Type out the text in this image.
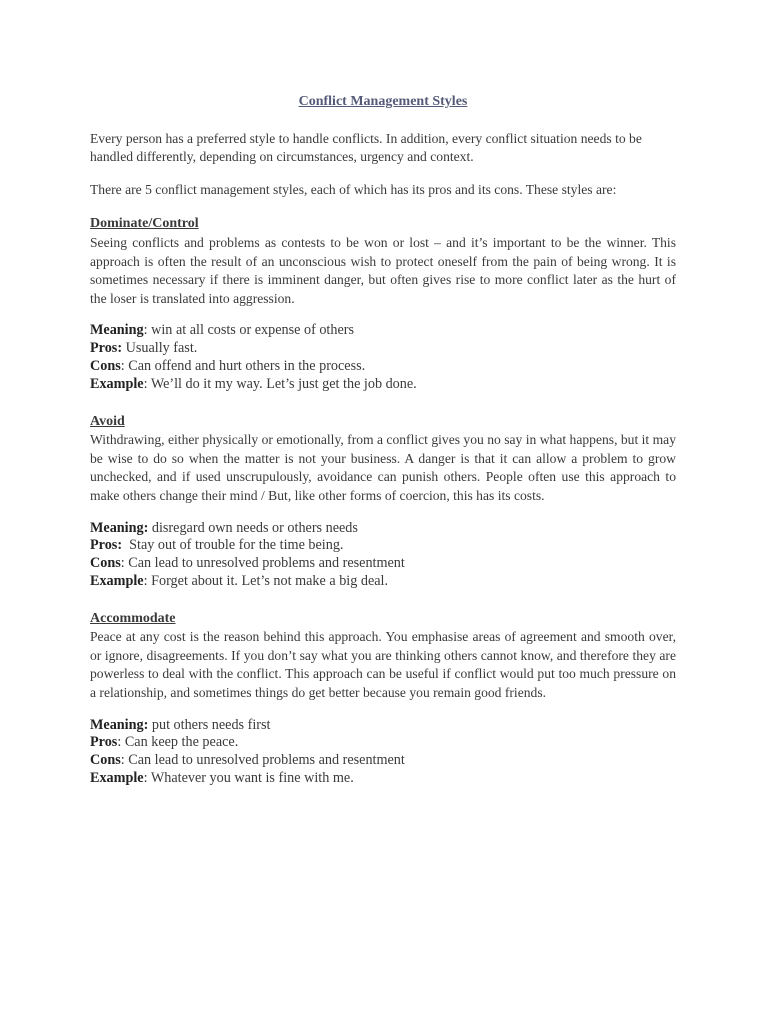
Conflict Management Styles

Every person has a preferred style to handle conflicts. In addition, every conflict situation needs to be handled differently, depending on circumstances, urgency and context.

There are 5 conflict management styles, each of which has its pros and its cons. These styles are:

Dominate/Control

Seeing conflicts and problems as contests to be won or lost – and it’s important to be the winner. This approach is often the result of an unconscious wish to protect oneself from the pain of being wrong. It is sometimes necessary if there is imminent danger, but often gives rise to more conflict later as the hurt of the loser is translated into aggression.

Meaning: win at all costs or expense of others
Pros: Usually fast.
Cons: Can offend and hurt others in the process.
Example: We’ll do it my way. Let’s just get the job done.
Avoid

Withdrawing, either physically or emotionally, from a conflict gives you no say in what happens, but it may be wise to do so when the matter is not your business. A danger is that it can allow a problem to grow unchecked, and if used unscrupulously, avoidance can punish others. People often use this approach to make others change their mind / But, like other forms of coercion, this has its costs.

Meaning: disregard own needs or others needs
Pros: Stay out of trouble for the time being.
Cons: Can lead to unresolved problems and resentment
Example: Forget about it. Let’s not make a big deal.
Accommodate

Peace at any cost is the reason behind this approach. You emphasise areas of agreement and smooth over, or ignore, disagreements. If you don’t say what you are thinking others cannot know, and therefore they are powerless to deal with the conflict. This approach can be useful if conflict would put too much pressure on a relationship, and sometimes things do get better because you remain good friends.

Meaning: put others needs first
Pros: Can keep the peace.
Cons: Can lead to unresolved problems and resentment
Example: Whatever you want is fine with me.
